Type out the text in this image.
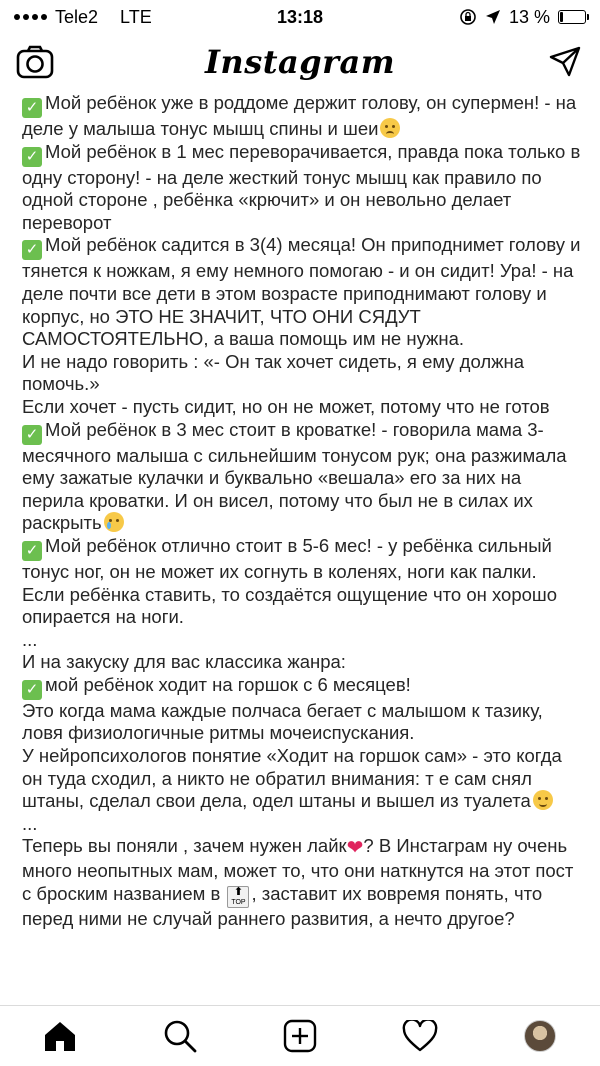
Tele2 LTE	13:18	13 %
Instagram

✓ Мой ребёнок уже в роддоме держит голову, он супермен! - на деле у малыша тонус мышц спины и шеи

✓ Мой ребёнок в 1 мес переворачивается, правда пока только в одну сторону! - на деле жесткий тонус мышц как правило по одной стороне , ребёнка «крючит» и он невольно делает переворот

✓ Мой ребёнок садится в 3(4) месяца! Он приподнимет голову и тянется к ножкам, я ему немного помогаю - и он сидит! Ура! - на деле почти все дети в этом возрасте приподнимают голову и корпус, но ЭТО НЕ ЗНАЧИТ, ЧТО ОНИ СЯДУТ САМОСТОЯТЕЛЬНО, а ваша помощь им не нужна.

И не надо говорить : «- Он так хочет сидеть, я ему должна помочь.»

Если хочет - пусть сидит, но он не может, потому что не готов

✓ Мой ребёнок в 3 мес стоит в кроватке! - говорила мама 3-месячного малыша с сильнейшим тонусом рук; она разжимала ему зажатые кулачки и буквально «вешала» его за них на перила кроватки. И он висел, потому что был не в силах их раскрыть

✓ Мой ребёнок отлично стоит в 5-6 мес! - у ребёнка сильный тонус ног, он не может их согнуть в коленях, ноги как палки. Если ребёнка ставить, то создаётся ощущение что он хорошо опирается на ноги.

...

И на закуску для вас классика жанра:

✓ мой ребёнок ходит на горшок с 6 месяцев!

Это когда мама каждые полчаса бегает с малышом к тазику, ловя физиологичные ритмы мочеиспускания.

У нейропсихологов понятие «Ходит на горшок сам» - это когда он туда сходил, а никто не обратил внимания: т е сам снял штаны, сделал свои дела, одел штаны и вышел из туалета

...

Теперь вы поняли , зачем нужен лайк❤? В Инстаграм ну очень много неопытных мам, может то, что они наткнутся на этот пост с броским названием в	⬆
TOP , заставит их вовремя понять, что перед ними не случай раннего развития, а нечто другое?
